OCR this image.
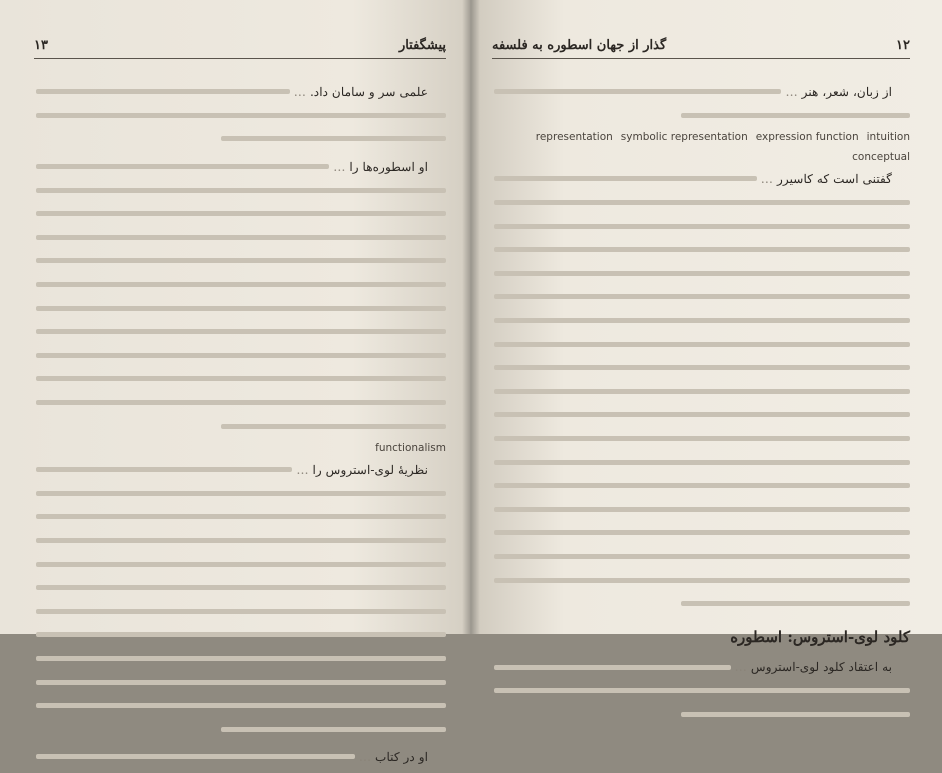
پیشگفتار
۱۳
علمی سر و سامان داد.
…
او اسطوره‌ها را
…
functionalism
نظریهٔ لوی-استروس را
…
او در کتاب
…
۱۲
گذار از جهان اسطوره به فلسفه
از زبان، شعر، هنر
…
representation symbolic representation expression function intuition
conceptual
گفتنی است که کاسیرر
…
کلود لوی-استروس: اسطوره
به اعتقاد کلود لوی-استروس
…
